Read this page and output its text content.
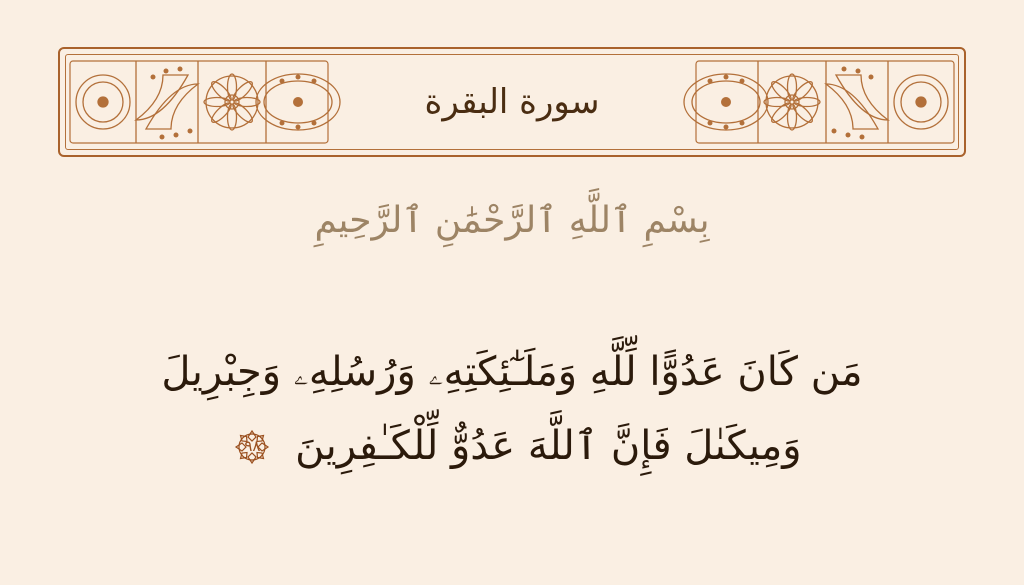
سورة البقرة
بِسْمِ ٱللَّهِ ٱلرَّحْمَٰنِ ٱلرَّحِيمِ
مَن كَانَ عَدُوًّا لِّلَّهِ وَمَلَـٰٓئِكَتِهِۦ وَرُسُلِهِۦ وَجِبْرِيلَ
وَمِيكَىٰلَ فَإِنَّ ٱللَّهَ عَدُوٌّ لِّلْكَـٰفِرِينَ
٩٨
